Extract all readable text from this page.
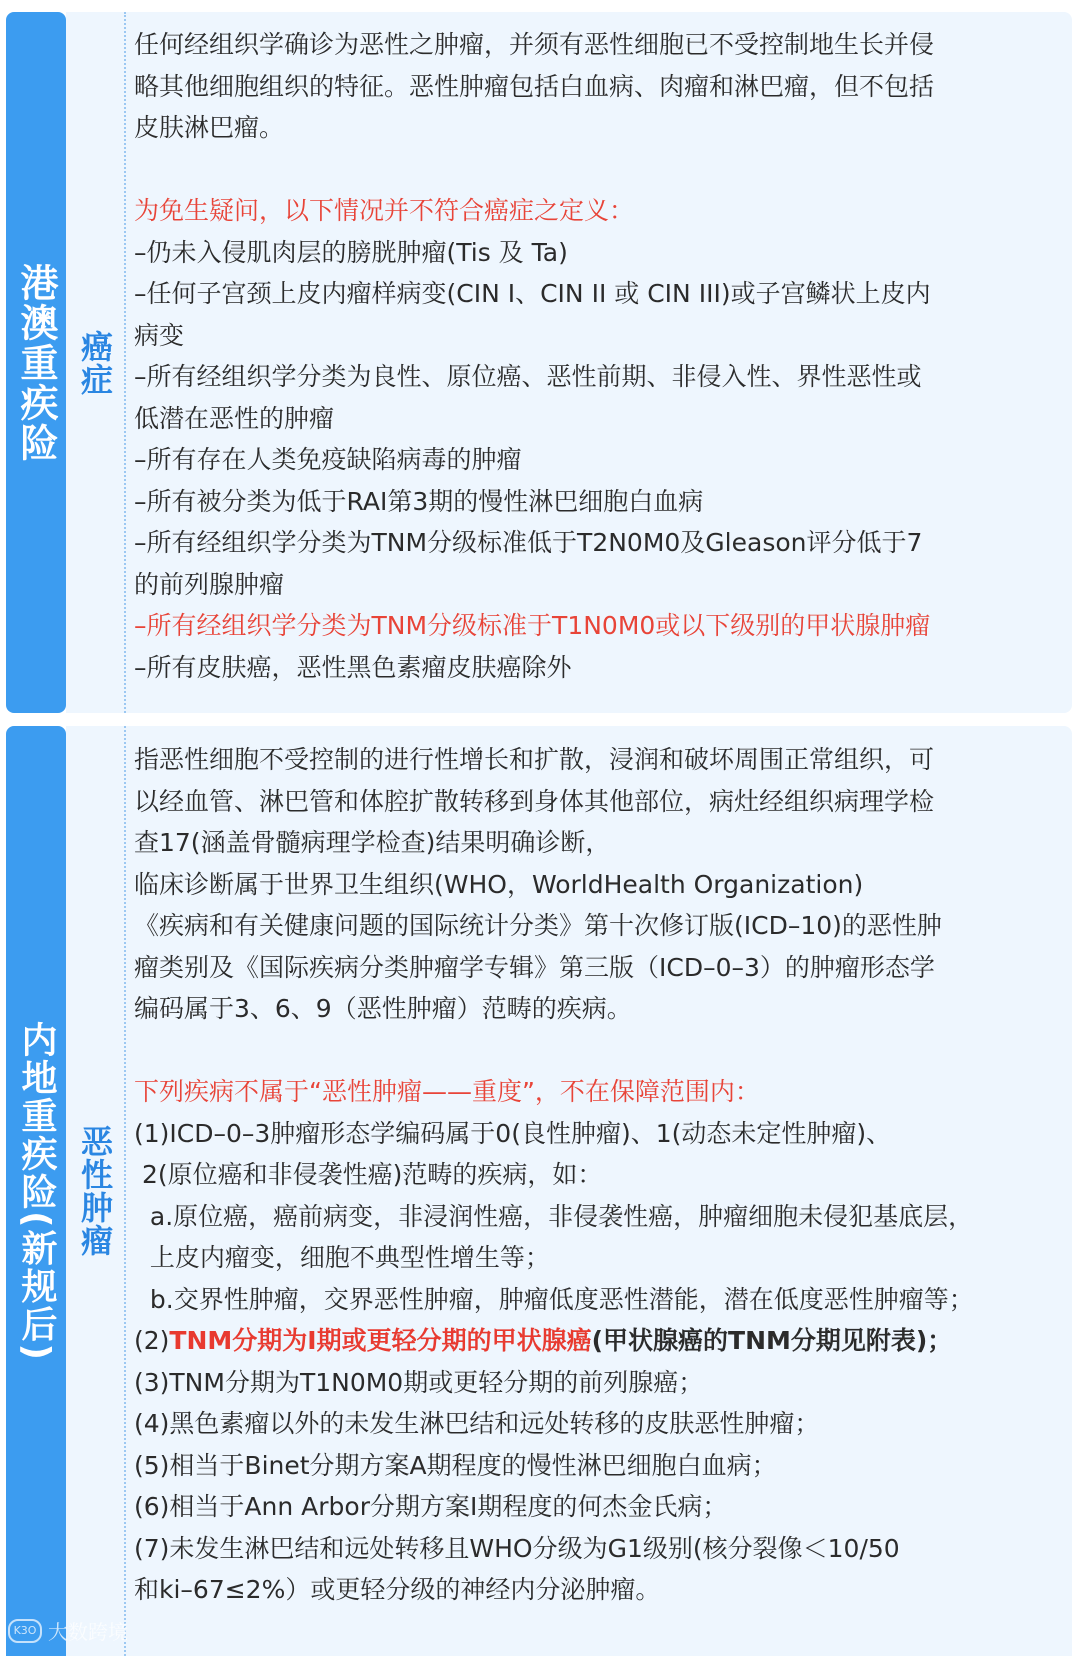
港澳重疾险 癌症

任何经组织学确诊为恶性之肿瘤，并须有恶性细胞已不受控制地生长并侵

略其他细胞组织的特征。恶性肿瘤包括白血病、肉瘤和淋巴瘤，但不包括

皮肤淋巴瘤。

为免生疑问，以下情况并不符合癌症之定义：

–仍未入侵肌肉层的膀胱肿瘤(Tis 及 Ta)

–任何子宫颈上皮内瘤样病变(CIN I、CIN II 或 CIN III)或子宫鳞状上皮内

病变

–所有经组织学分类为良性、原位癌、恶性前期、非侵入性、界性恶性或

低潜在恶性的肿瘤

–所有存在人类免疫缺陷病毒的肿瘤

–所有被分类为低于RAI第3期的慢性淋巴细胞白血病

–所有经组织学分类为TNM分级标准低于T2N0M0及Gleason评分低于7

的前列腺肿瘤

–所有经组织学分类为TNM分级标准于T1N0M0或以下级别的甲状腺肿瘤

–所有皮肤癌，恶性黑色素瘤皮肤癌除外

内地重疾险(新规后) 恶性肿瘤

指恶性细胞不受控制的进行性增长和扩散，浸润和破坏周围正常组织，可

以经血管、淋巴管和体腔扩散转移到身体其他部位，病灶经组织病理学检

查17(涵盖骨髓病理学检查)结果明确诊断，

临床诊断属于世界卫生组织(WHO，WorldHealth Organization)

《疾病和有关健康问题的国际统计分类》第十次修订版(ICD–10)的恶性肿

瘤类别及《国际疾病分类肿瘤学专辑》第三版（ICD–0–3）的肿瘤形态学

编码属于3、6、9（恶性肿瘤）范畴的疾病。

下列疾病不属于“恶性肿瘤——重度”，不在保障范围内：

(1)ICD–0–3肿瘤形态学编码属于0(良性肿瘤)、1(动态未定性肿瘤)、

2(原位癌和非侵袭性癌)范畴的疾病，如：

a.原位癌，癌前病变，非浸润性癌，非侵袭性癌，肿瘤细胞未侵犯基底层，

上皮内瘤变，细胞不典型性增生等；

b.交界性肿瘤，交界恶性肿瘤，肿瘤低度恶性潜能，潜在低度恶性肿瘤等；

(2)TNM分期为Ⅰ期或更轻分期的甲状腺癌(甲状腺癌的TNM分期见附表)；

(3)TNM分期为T1N0M0期或更轻分期的前列腺癌；

(4)黑色素瘤以外的未发生淋巴结和远处转移的皮肤恶性肿瘤；

(5)相当于Binet分期方案A期程度的慢性淋巴细胞白血病；

(6)相当于Ann Arbor分期方案Ⅰ期程度的何杰金氏病；

(7)未发生淋巴结和远处转移且WHO分级为G1级别(核分裂像＜10/50

和ki–67≤2%）或更轻分级的神经内分泌肿瘤。

K3O 大数跨境
